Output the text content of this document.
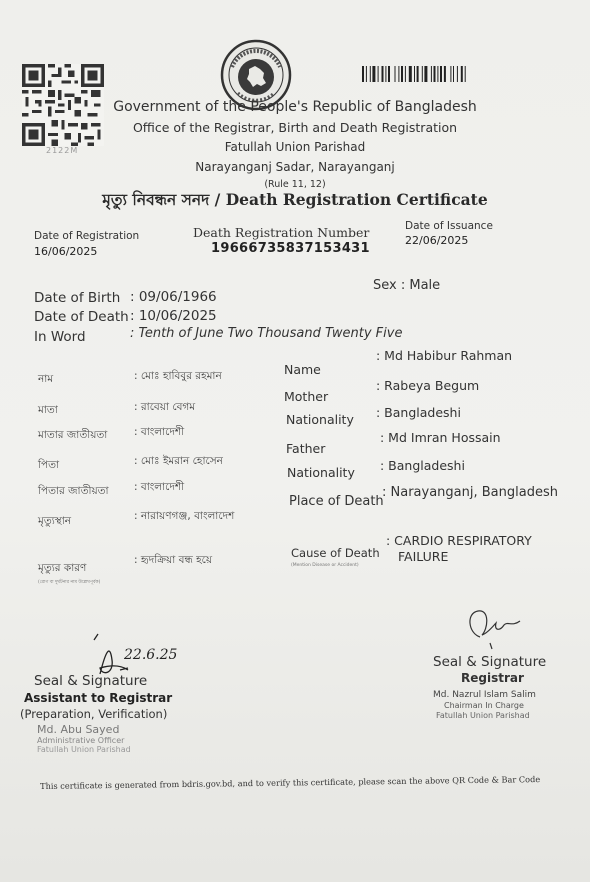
2122M
Government of the People's Republic of Bangladesh
Office of the Registrar, Birth and Death Registration
Fatullah Union Parishad
Narayanganj Sadar, Narayanganj
(Rule 11, 12)
মৃত্যু নিবন্ধন সনদ / Death Registration Certificate
Date of Registration
16/06/2025
Death Registration Number
19666735837153431
Date of Issuance
22/06/2025
Date of Birth : 09/06/1966
Date of Death : 10/06/2025
In Word	: Tenth of June Two Thousand Twenty Five
Sex : Male
নাম	: মোঃ হাবিবুর রহমান
মাতা	: রাবেয়া বেগম
মাতার জাতীয়তা	: বাংলাদেশী
পিতা	: মোঃ ইমরান হোসেন
পিতার জাতীয়তা : বাংলাদেশী
মৃত্যুস্থান	: নারায়ণগঞ্জ, বাংলাদেশ
মৃত্যুর কারণ
(রোগ বা দুর্ঘটনার নাম উল্লেখপূর্বক)
: হৃদক্রিয়া বন্ধ হয়ে
Name
: Md Habibur Rahman
Mother
: Rabeya Begum
Nationality : Bangladeshi
Father
: Md Imran Hossain
Nationality : Bangladeshi
Place of Death
: Narayanganj, Bangladesh
Cause of Death
(Mention Disease or Accident)
: CARDIO RESPIRATORY
FAILURE
22.6.25
Seal & Signature
Assistant to Registrar
(Preparation, Verification)
Md. Abu Sayed
Administrative Officer
Fatullah Union Parishad
Seal & Signature
Registrar
Md. Nazrul Islam Salim
Chairman In Charge
Fatullah Union Parishad
This certificate is generated from bdris.gov.bd, and to verify this certificate, please scan the above QR Code & Bar Code
